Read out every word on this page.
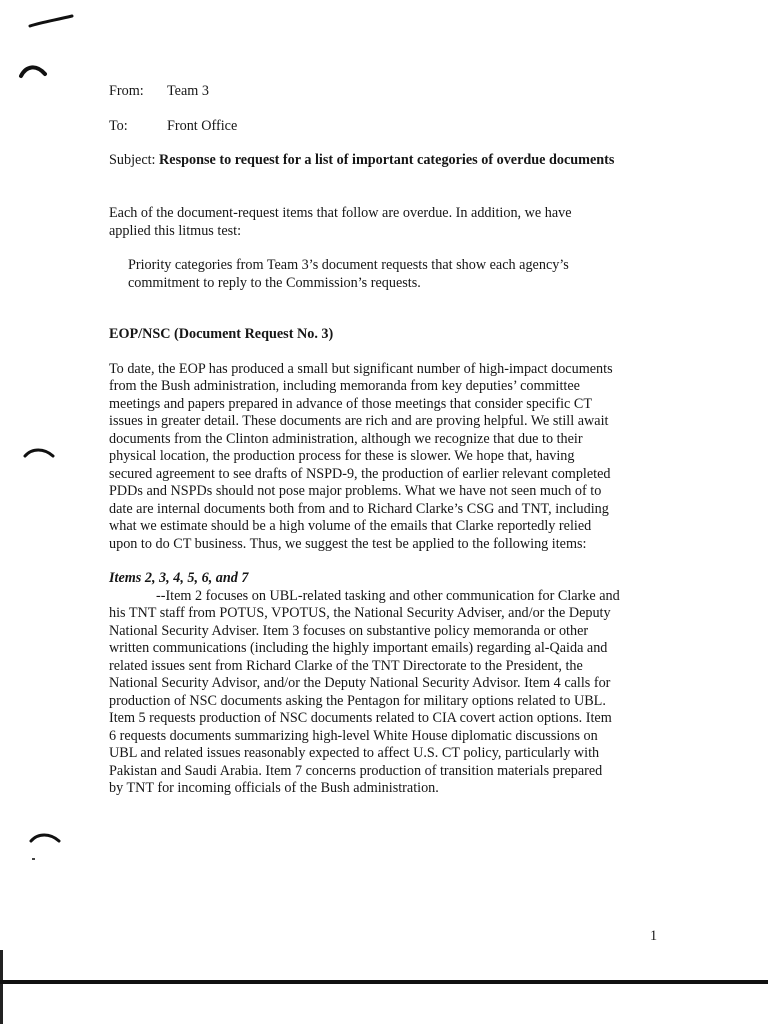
From: Team 3
To:	Front Office
Subject: Response to request for a list of important categories of overdue documents
Each of the document-request items that follow are overdue. In addition, we have
applied this litmus test:
Priority categories from Team 3’s document requests that show each agency’s
commitment to reply to the Commission’s requests.
EOP/NSC (Document Request No. 3)
To date, the EOP has produced a small but significant number of high-impact documents
from the Bush administration, including memoranda from key deputies’ committee
meetings and papers prepared in advance of those meetings that consider specific CT
issues in greater detail. These documents are rich and are proving helpful. We still await
documents from the Clinton administration, although we recognize that due to their
physical location, the production process for these is slower. We hope that, having
secured agreement to see drafts of NSPD-9, the production of earlier relevant completed
PDDs and NSPDs should not pose major problems. What we have not seen much of to
date are internal documents both from and to Richard Clarke’s CSG and TNT, including
what we estimate should be a high volume of the emails that Clarke reportedly relied
upon to do CT business. Thus, we suggest the test be applied to the following items:
Items 2, 3, 4, 5, 6, and 7
--Item 2 focuses on UBL-related tasking and other communication for Clarke and
his TNT staff from POTUS, VPOTUS, the National Security Adviser, and/or the Deputy
National Security Adviser. Item 3 focuses on substantive policy memoranda or other
written communications (including the highly important emails) regarding al-Qaida and
related issues sent from Richard Clarke of the TNT Directorate to the President, the
National Security Advisor, and/or the Deputy National Security Advisor. Item 4 calls for
production of NSC documents asking the Pentagon for military options related to UBL.
Item 5 requests production of NSC documents related to CIA covert action options. Item
6 requests documents summarizing high-level White House diplomatic discussions on
UBL and related issues reasonably expected to affect U.S. CT policy, particularly with
Pakistan and Saudi Arabia. Item 7 concerns production of transition materials prepared
by TNT for incoming officials of the Bush administration.
1
